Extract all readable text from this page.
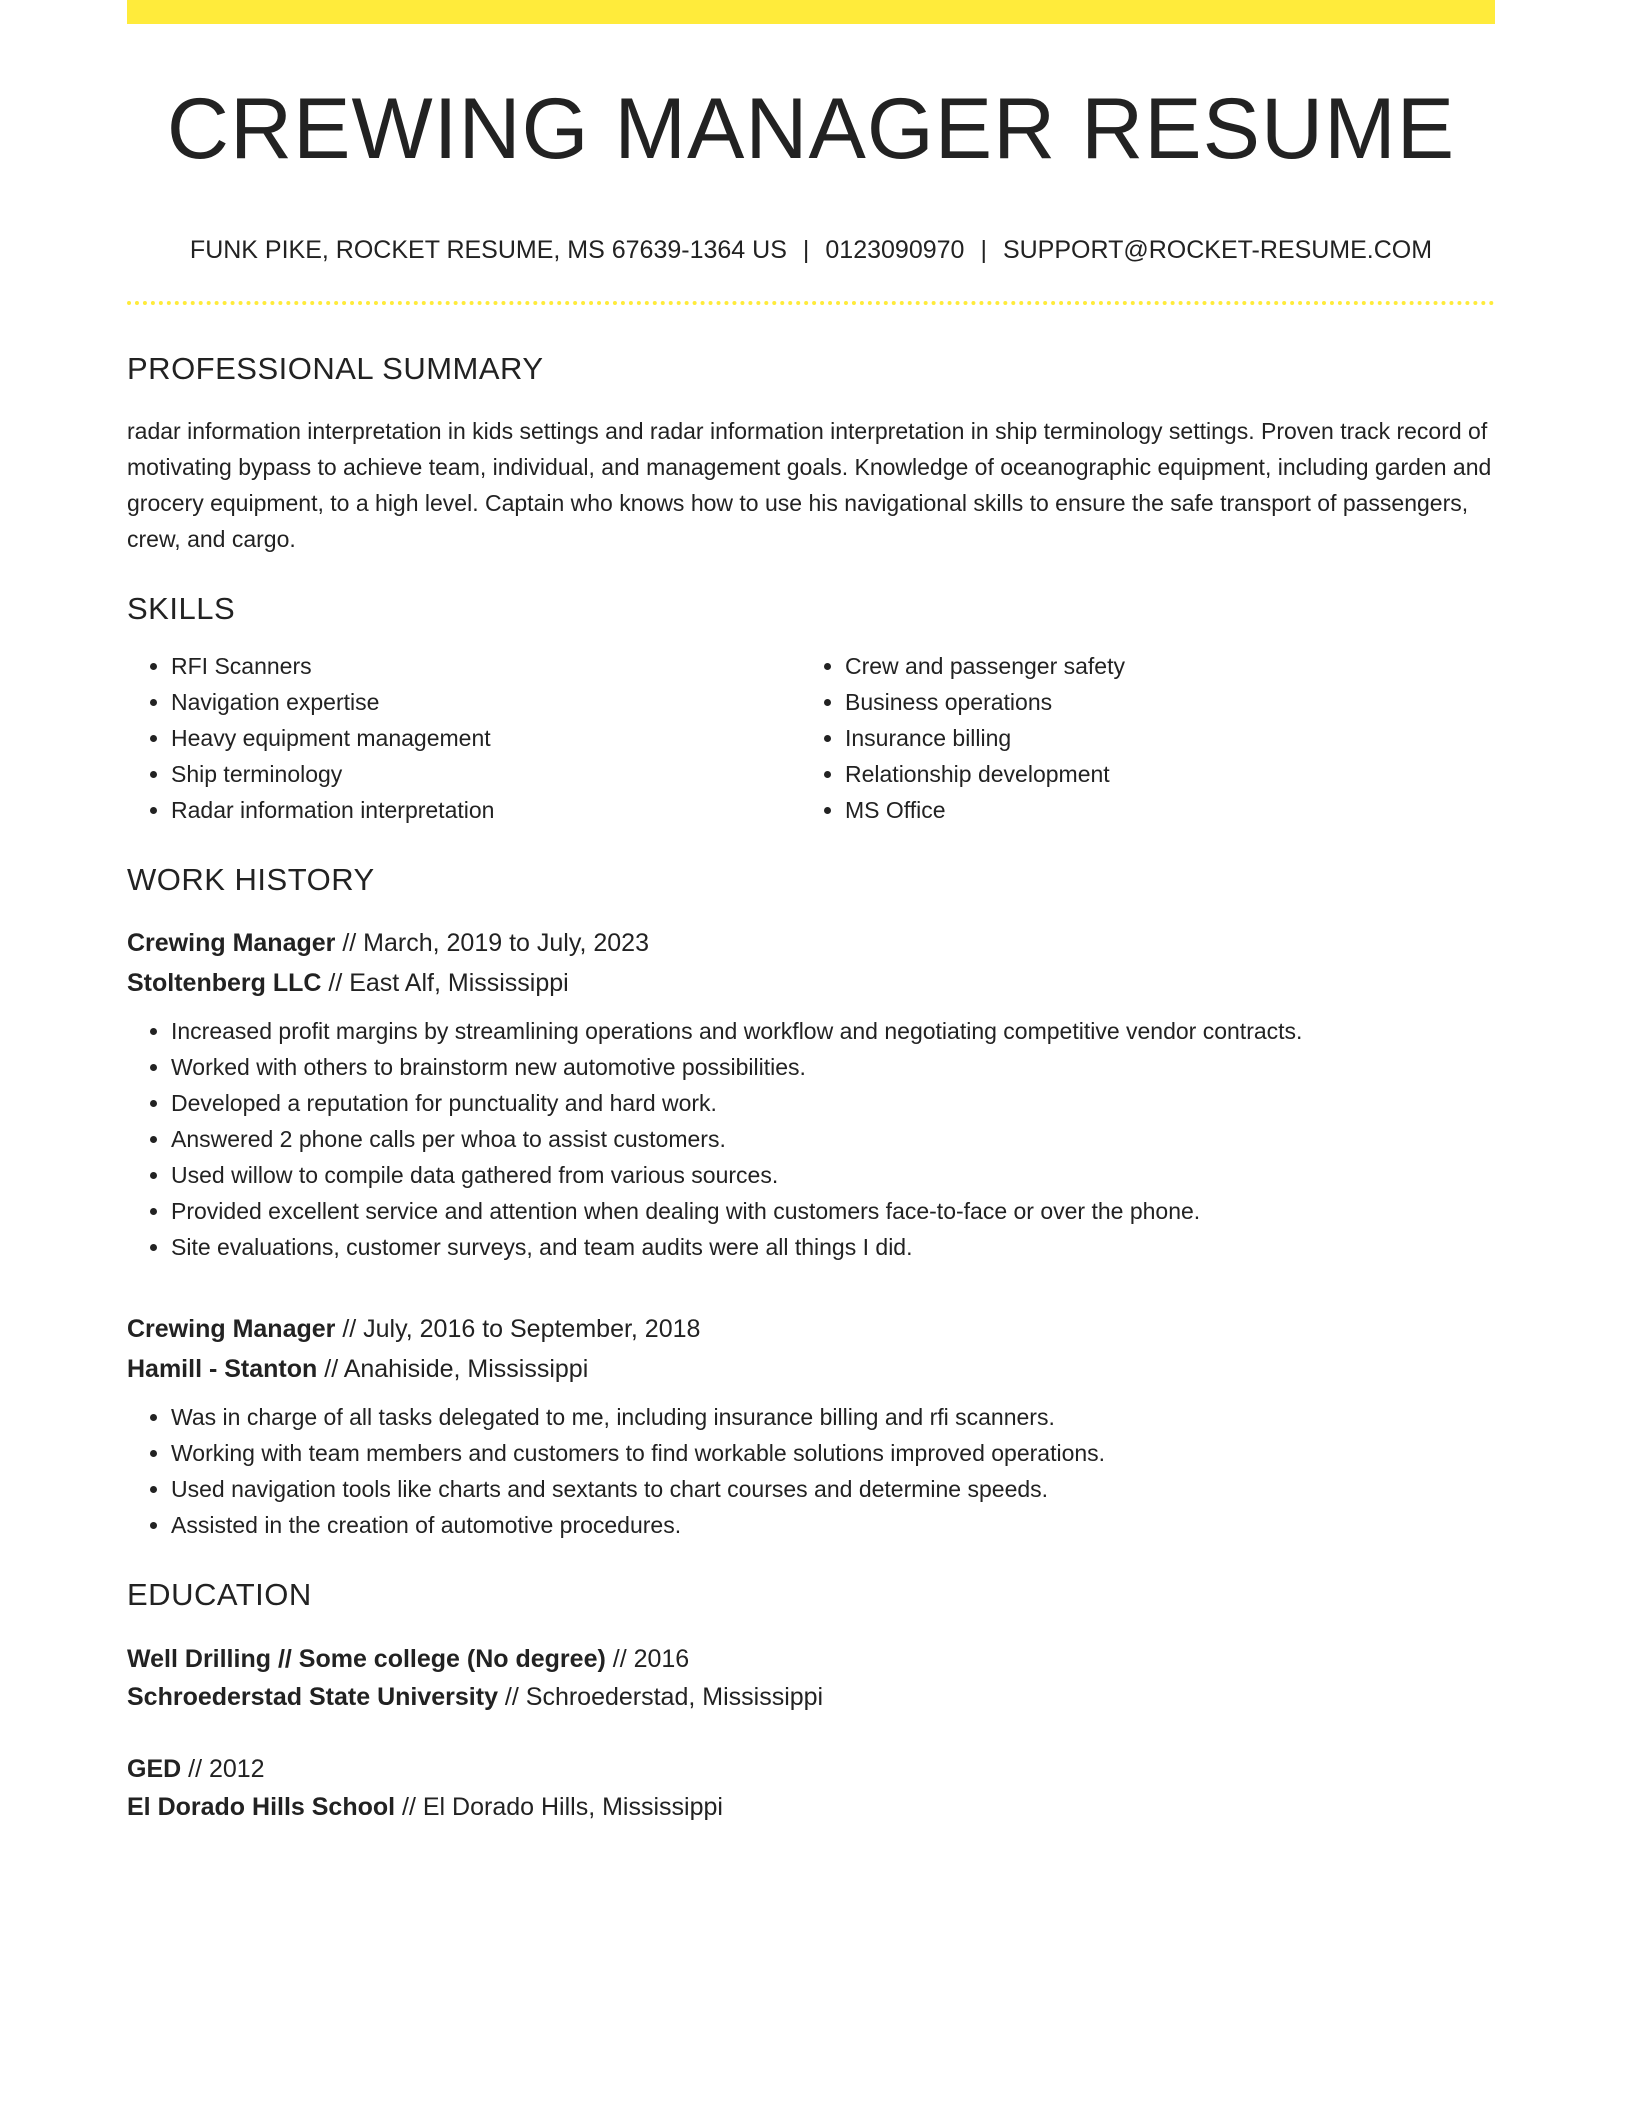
CREWING MANAGER RESUME
FUNK PIKE, ROCKET RESUME, MS 67639-1364 US | 0123090970 | SUPPORT@ROCKET-RESUME.COM
PROFESSIONAL SUMMARY
radar information interpretation in kids settings and radar information interpretation in ship terminology settings. Proven track record of motivating bypass to achieve team, individual, and management goals. Knowledge of oceanographic equipment, including garden and grocery equipment, to a high level. Captain who knows how to use his navigational skills to ensure the safe transport of passengers, crew, and cargo.
SKILLS
• RFI Scanners
• Navigation expertise
• Heavy equipment management
• Ship terminology
• Radar information interpretation
• Crew and passenger safety
• Business operations
• Insurance billing
• Relationship development
• MS Office
WORK HISTORY
Crewing Manager // March, 2019 to July, 2023
Stoltenberg LLC // East Alf, Mississippi
• Increased profit margins by streamlining operations and workflow and negotiating competitive vendor contracts.
• Worked with others to brainstorm new automotive possibilities.
• Developed a reputation for punctuality and hard work.
• Answered 2 phone calls per whoa to assist customers.
• Used willow to compile data gathered from various sources.
• Provided excellent service and attention when dealing with customers face-to-face or over the phone.
• Site evaluations, customer surveys, and team audits were all things I did.
Crewing Manager // July, 2016 to September, 2018
Hamill - Stanton // Anahiside, Mississippi
• Was in charge of all tasks delegated to me, including insurance billing and rfi scanners.
• Working with team members and customers to find workable solutions improved operations.
• Used navigation tools like charts and sextants to chart courses and determine speeds.
• Assisted in the creation of automotive procedures.
EDUCATION
Well Drilling // Some college (No degree) // 2016
Schroederstad State University // Schroederstad, Mississippi
GED // 2012
El Dorado Hills School // El Dorado Hills, Mississippi
